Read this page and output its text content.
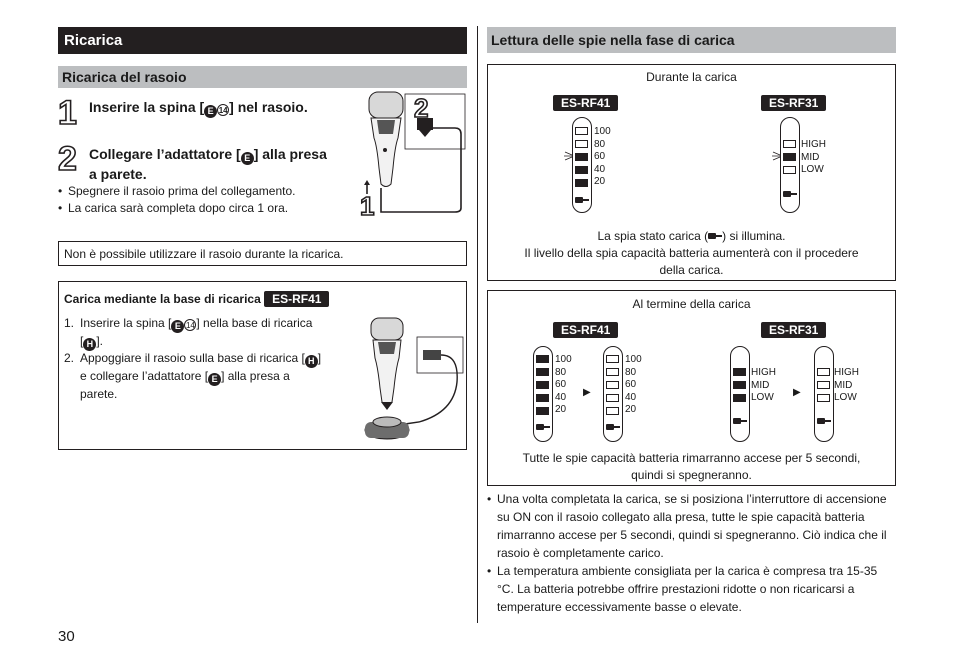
Ricarica
Ricarica del rasoio
1 Inserire la spina [ E 14 ] nel rasoio.
2 Collegare l’adattatore [ E ] alla presa
a parete.
• Spegnere il rasoio prima del collegamento.
• La carica sarà completa dopo circa 1 ora.
2
1
Non è possibile utilizzare il rasoio durante la ricarica.
Carica mediante la base di ricarica ES-RF41
1. Inserire la spina [ E 14 ] nella base di ricarica
[ H ].
2. Appoggiare il rasoio sulla base di ricarica [ H ]
e collegare l’adattatore [ E ] alla presa a
parete.
30
Lettura delle spie nella fase di carica
Durante la carica
ES-RF41	ES-RF31
100
80
60
40
20
HIGH
MID
LOW
La spia stato carica ( ) si illumina.
Il livello della spia capacità batteria aumenterà con il procedere
della carica.
Al termine della carica
ES-RF41	ES-RF31
100
80
60
40
20
▶
100
80
60
40
20
HIGH
MID
LOW ▶
HIGH
MID
LOW
Tutte le spie capacità batteria rimarranno accese per 5 secondi,
quindi si spegneranno.
• Una volta completata la carica, se si posiziona l’interruttore di accensione su ON con il rasoio collegato alla presa, tutte le spie capacità batteria rimarranno accese per 5 secondi, quindi si spegneranno. Ciò indica che il rasoio è completamente carico.
• La temperatura ambiente consigliata per la carica è compresa tra 15-35 °C. La batteria potrebbe offrire prestazioni ridotte o non ricaricarsi a temperature eccessivamente basse o elevate.
